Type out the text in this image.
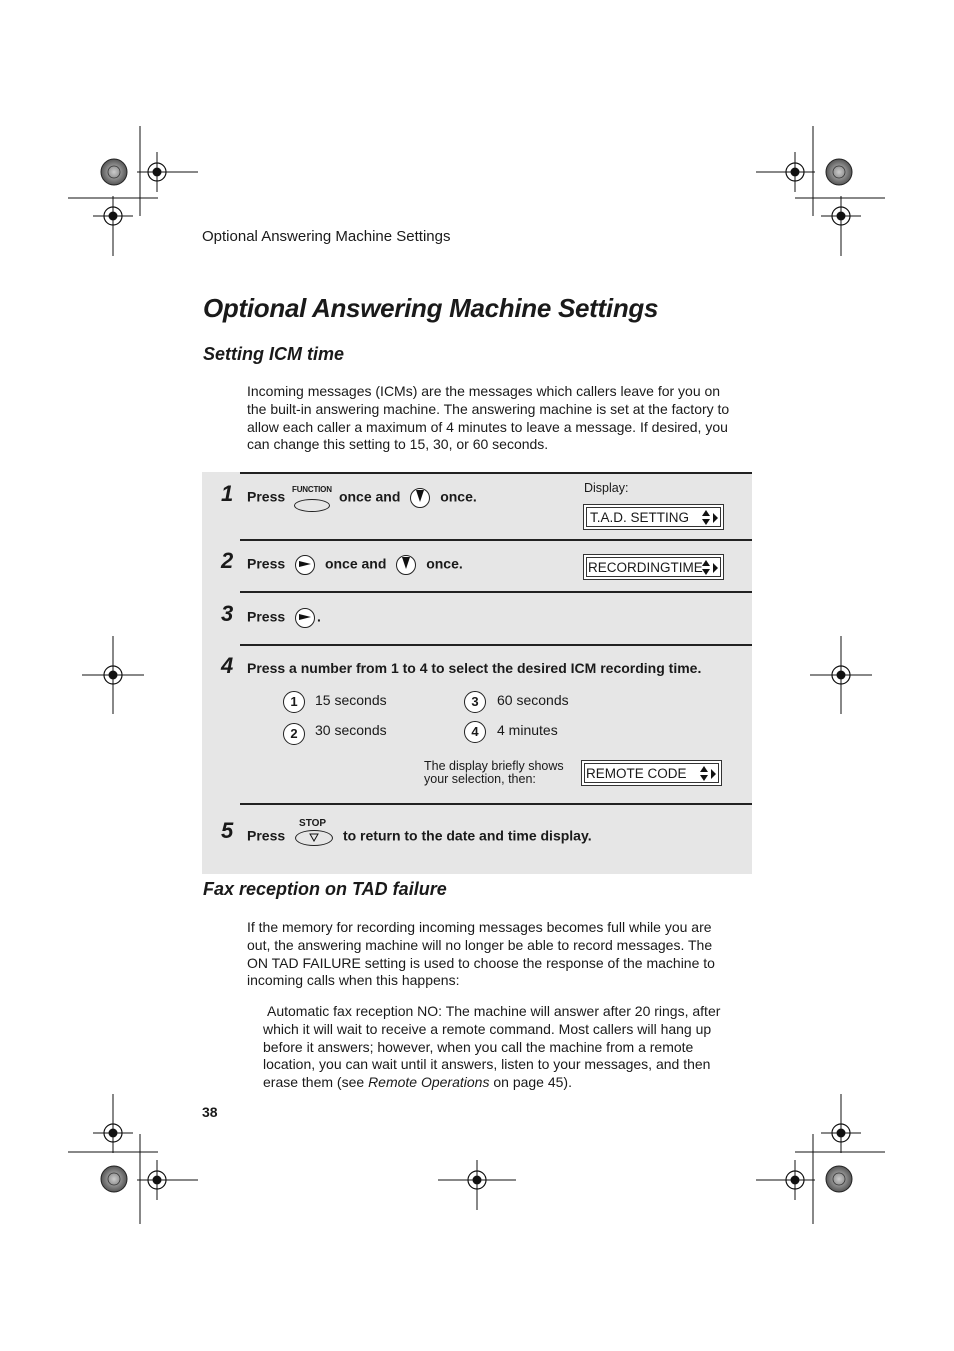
Optional Answering Machine Settings
Optional Answering Machine Settings
Setting ICM time
Incoming messages (ICMs) are the messages which callers leave for you on
the built-in answering machine. The answering machine is set at the factory to
allow each caller a maximum of 4 minutes to leave a message. If desired, you
can change this setting to 15, 30, or 60 seconds.
1 Press FUNCTION once and	once.
Display:
T.A.D. SETTING
2 Press	once and	once.	RECORDINGTIME
3 Press .
4 Press a number from 1 to 4 to select the desired ICM recording time.
1	15 seconds
2	30 seconds
3	60 seconds
4	4 minutes
The display briefly shows
your selection, then:	REMOTE CODE
5 Press
STOP
to return to the date and time display.
Fax reception on TAD failure
If the memory for recording incoming messages becomes full while you are
out, the answering machine will no longer be able to record messages. The
ON TAD FAILURE setting is used to choose the response of the machine to
incoming calls when this happens:
Automatic fax reception NO: The machine will answer after 20 rings, after
which it will wait to receive a remote command. Most callers will hang up
before it answers; however, when you call the machine from a remote
location, you can wait until it answers, listen to your messages, and then
erase them (see Remote Operations on page 45).
38
